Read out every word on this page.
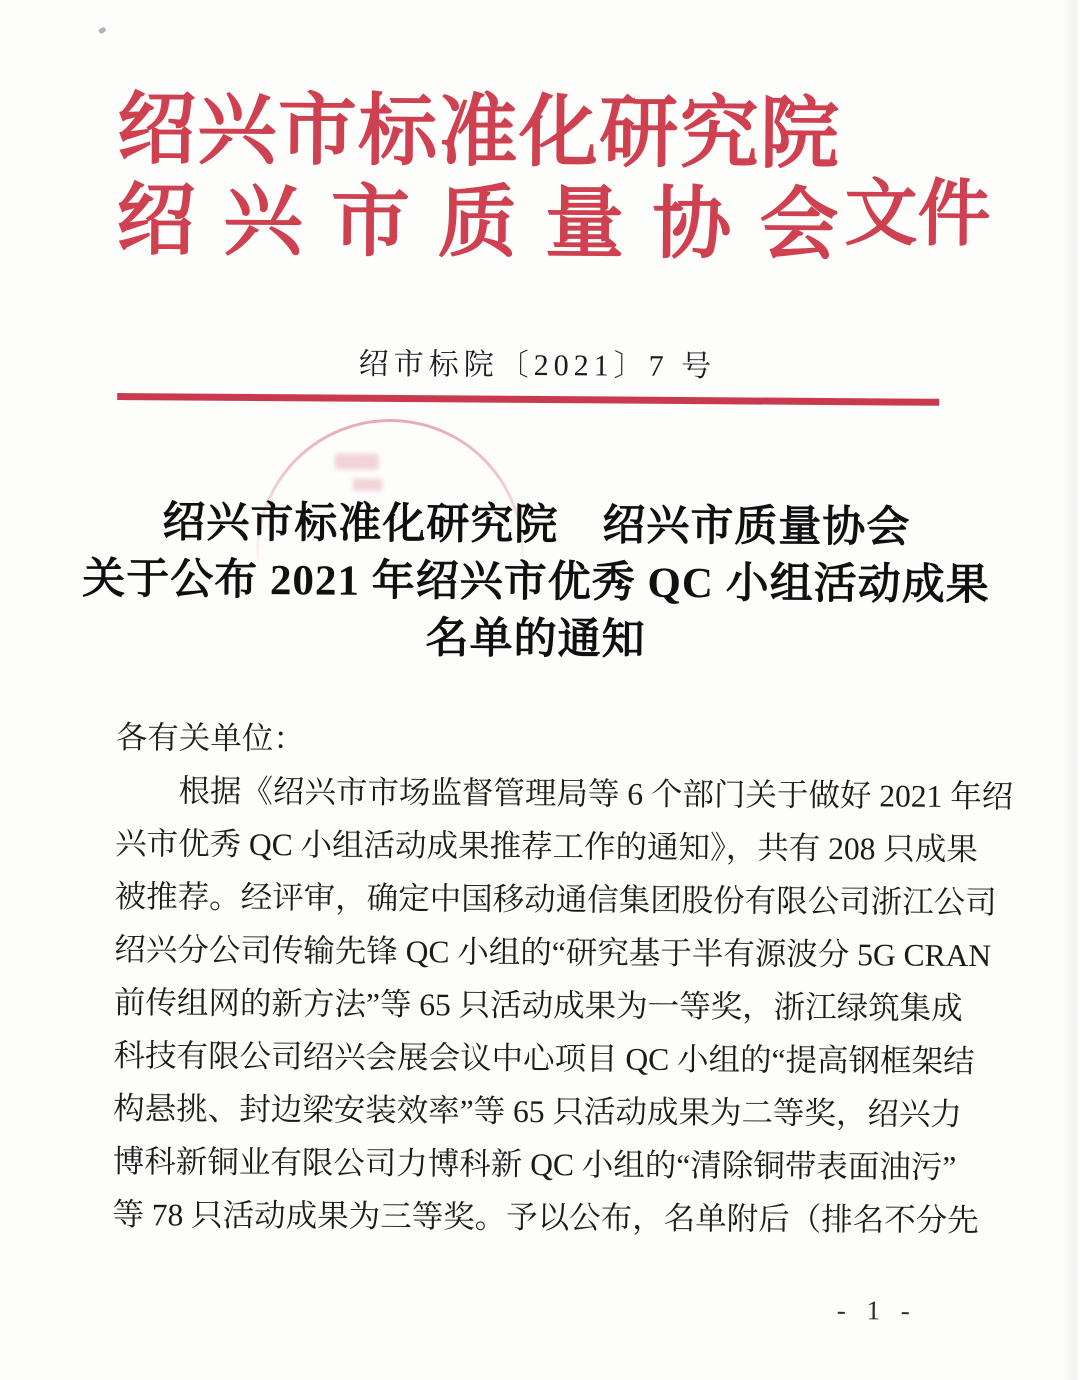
绍兴市标准化研究院
绍兴市质量协会 文件
绍市标院〔2021〕7 号
绍兴市标准化研究院　绍兴市质量协会
关于公布 2021 年绍兴市优秀 QC 小组活动成果
名单的通知
各有关单位：
根据《绍兴市市场监督管理局等 6 个部门关于做好 2021 年绍
兴市优秀 QC 小组活动成果推荐工作的通知》，共有 208 只成果
被推荐。经评审，确定中国移动通信集团股份有限公司浙江公司
绍兴分公司传输先锋 QC 小组的“研究基于半有源波分 5G CRAN
前传组网的新方法”等 65 只活动成果为一等奖，浙江绿筑集成
科技有限公司绍兴会展会议中心项目 QC 小组的“提高钢框架结
构悬挑、封边梁安装效率”等 65 只活动成果为二等奖，绍兴力
博科新铜业有限公司力博科新 QC 小组的“清除铜带表面油污”
等 78 只活动成果为三等奖。予以公布，名单附后（排名不分先
- 1 -
